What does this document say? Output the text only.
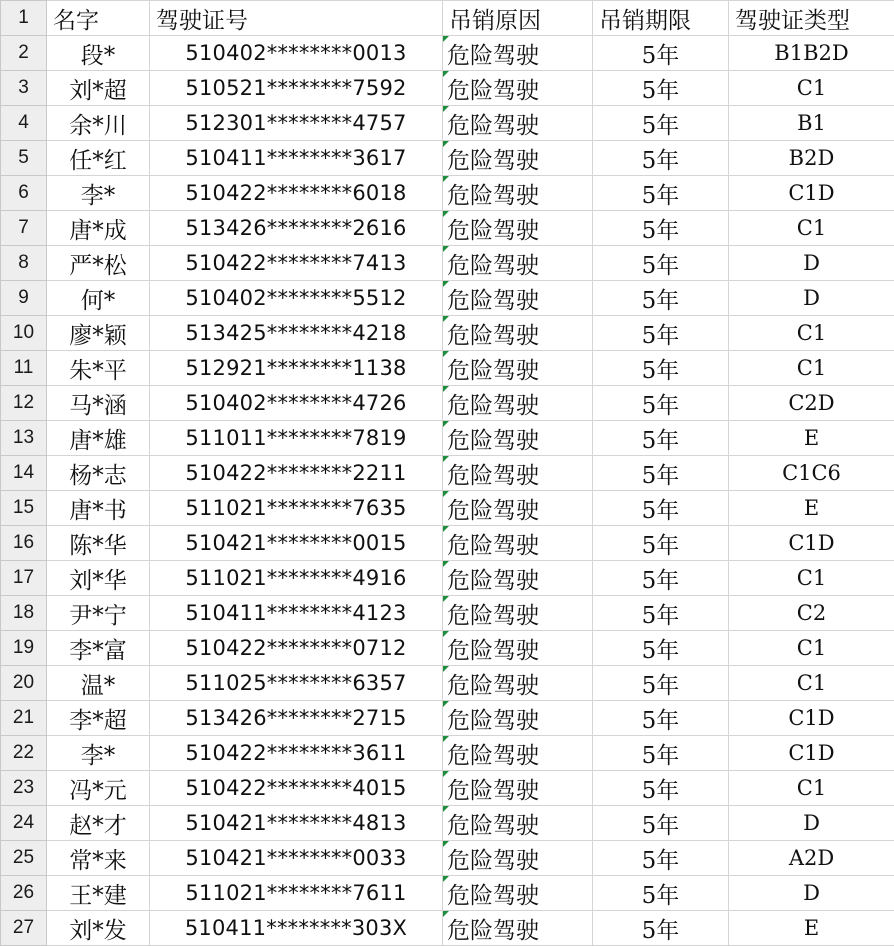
1	名字	驾驶证号	吊销原因	吊销期限	驾驶证类型
2	段*	510402********0013	危险驾驶	5年	B1B2D
3	刘*超	510521********7592	危险驾驶	5年	C1
4	余*川	512301********4757	危险驾驶	5年	B1
5	任*红	510411********3617	危险驾驶	5年	B2D
6	李*	510422********6018	危险驾驶	5年	C1D
7	唐*成	513426********2616	危险驾驶	5年	C1
8	严*松	510422********7413	危险驾驶	5年	D
9	何*	510402********5512	危险驾驶	5年	D
10	廖*颖	513425********4218	危险驾驶	5年	C1
11	朱*平	512921********1138	危险驾驶	5年	C1
12	马*涵	510402********4726	危险驾驶	5年	C2D
13	唐*雄	511011********7819	危险驾驶	5年	E
14	杨*志	510422********2211	危险驾驶	5年	C1C6
15	唐*书	511021********7635	危险驾驶	5年	E
16	陈*华	510421********0015	危险驾驶	5年	C1D
17	刘*华	511021********4916	危险驾驶	5年	C1
18	尹*宁	510411********4123	危险驾驶	5年	C2
19	李*富	510422********0712	危险驾驶	5年	C1
20	温*	511025********6357	危险驾驶	5年	C1
21	李*超	513426********2715	危险驾驶	5年	C1D
22	李*	510422********3611	危险驾驶	5年	C1D
23	冯*元	510422********4015	危险驾驶	5年	C1
24	赵*才	510421********4813	危险驾驶	5年	D
25	常*来	510421********0033	危险驾驶	5年	A2D
26	王*建	511021********7611	危险驾驶	5年	D
27	刘*发	510411********303X	危险驾驶	5年	E
